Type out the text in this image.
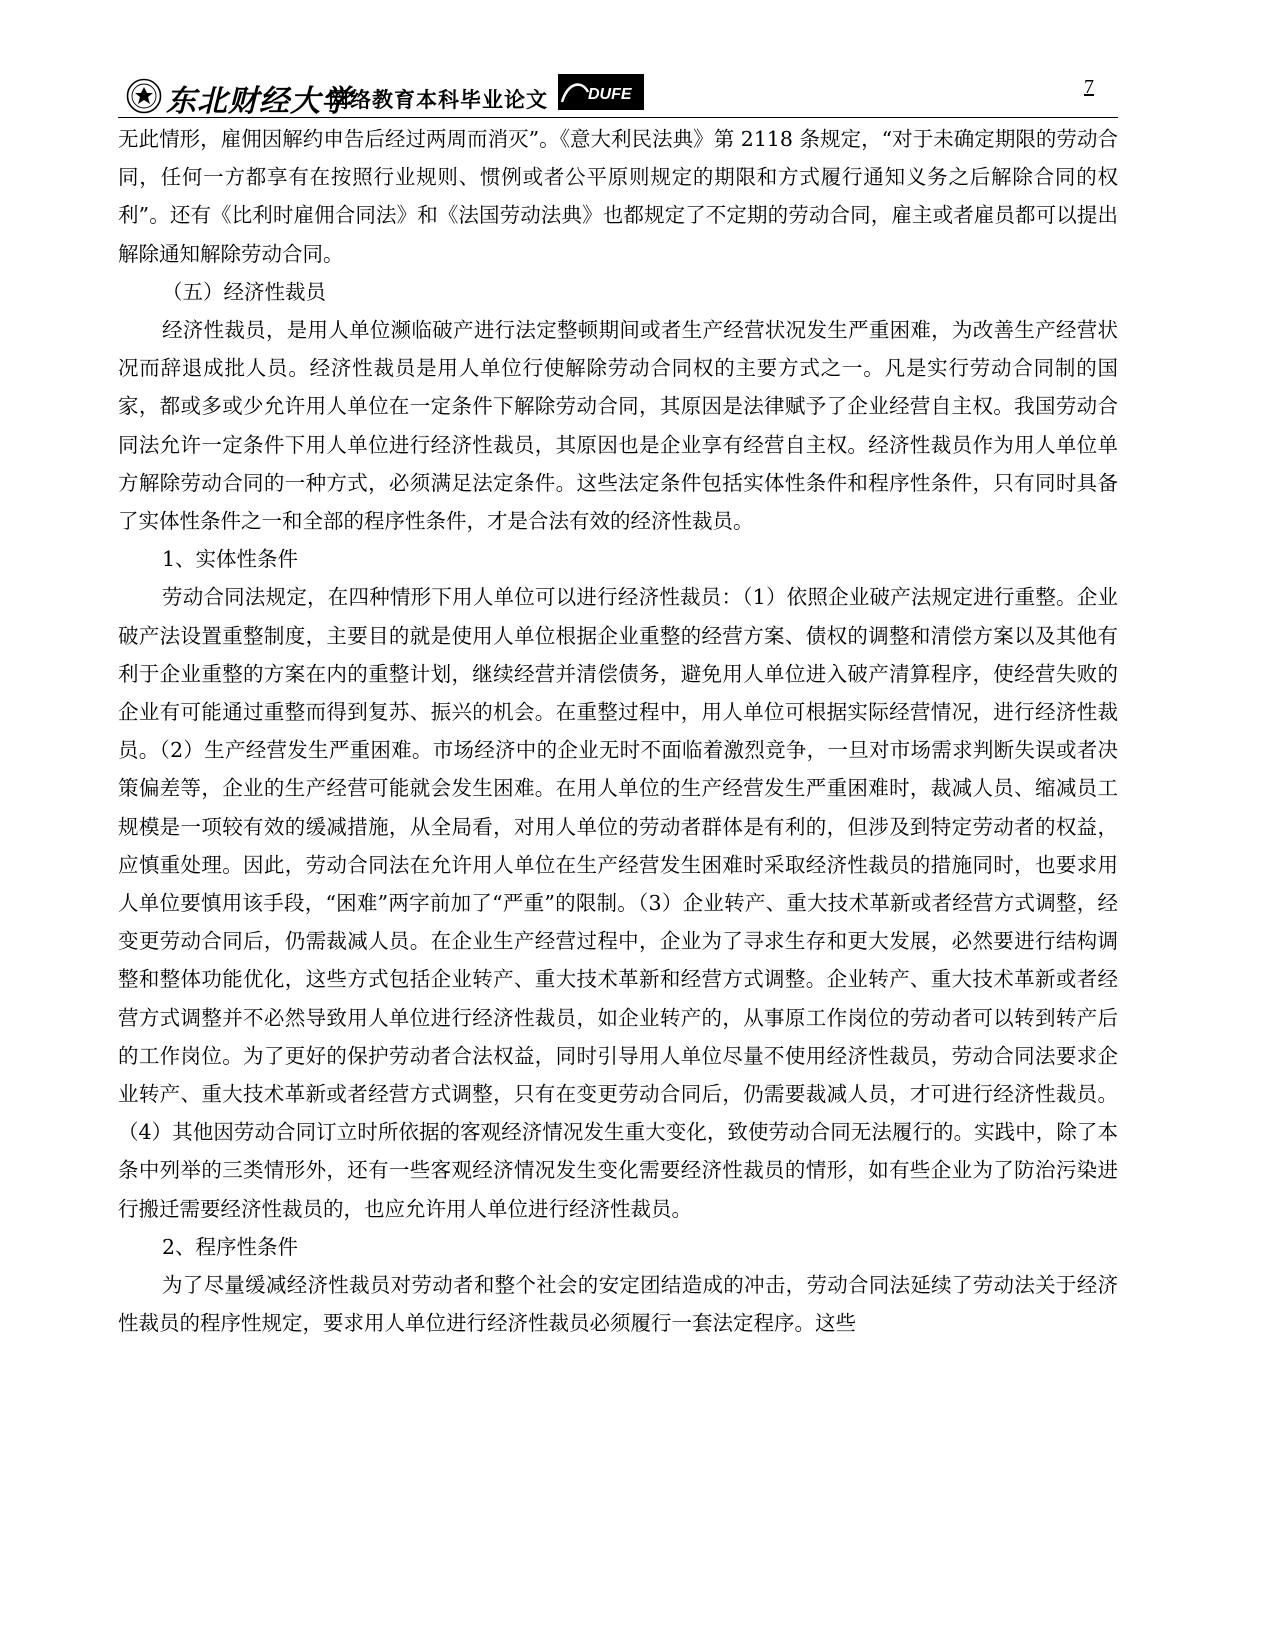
东北财经大学
网络教育本科毕业论文	DUFE	7

无此情形，雇佣因解约申告后经过两周而消灭”。《意大利民法典》第 2118 条规定，“对于未确定期限的劳动合同，任何一方都享有在按照行业规则、惯例或者公平原则规定的期限和方式履行通知义务之后解除合同的权利”。还有《比利时雇佣合同法》和《法国劳动法典》也都规定了不定期的劳动合同，雇主或者雇员都可以提出解除通知解除劳动合同。

（五）经济性裁员

经济性裁员，是用人单位濒临破产进行法定整顿期间或者生产经营状况发生严重困难，为改善生产经营状况而辞退成批人员。经济性裁员是用人单位行使解除劳动合同权的主要方式之一。凡是实行劳动合同制的国家，都或多或少允许用人单位在一定条件下解除劳动合同，其原因是法律赋予了企业经营自主权。我国劳动合同法允许一定条件下用人单位进行经济性裁员，其原因也是企业享有经营自主权。经济性裁员作为用人单位单方解除劳动合同的一种方式，必须满足法定条件。这些法定条件包括实体性条件和程序性条件，只有同时具备了实体性条件之一和全部的程序性条件，才是合法有效的经济性裁员。

1、实体性条件

劳动合同法规定，在四种情形下用人单位可以进行经济性裁员：（1）依照企业破产法规定进行重整。企业破产法设置重整制度，主要目的就是使用人单位根据企业重整的经营方案、债权的调整和清偿方案以及其他有利于企业重整的方案在内的重整计划，继续经营并清偿债务，避免用人单位进入破产清算程序，使经营失败的企业有可能通过重整而得到复苏、振兴的机会。在重整过程中，用人单位可根据实际经营情况，进行经济性裁员。（2）生产经营发生严重困难。市场经济中的企业无时不面临着激烈竞争，一旦对市场需求判断失误或者决策偏差等，企业的生产经营可能就会发生困难。在用人单位的生产经营发生严重困难时，裁减人员、缩减员工规模是一项较有效的缓减措施，从全局看，对用人单位的劳动者群体是有利的，但涉及到特定劳动者的权益，应慎重处理。因此，劳动合同法在允许用人单位在生产经营发生困难时采取经济性裁员的措施同时，也要求用人单位要慎用该手段，“困难”两字前加了“严重”的限制。（3）企业转产、重大技术革新或者经营方式调整，经变更劳动合同后，仍需裁减人员。在企业生产经营过程中，企业为了寻求生存和更大发展，必然要进行结构调整和整体功能优化，这些方式包括企业转产、重大技术革新和经营方式调整。企业转产、重大技术革新或者经营方式调整并不必然导致用人单位进行经济性裁员，如企业转产的，从事原工作岗位的劳动者可以转到转产后的工作岗位。为了更好的保护劳动者合法权益，同时引导用人单位尽量不使用经济性裁员，劳动合同法要求企业转产、重大技术革新或者经营方式调整，只有在变更劳动合同后，仍需要裁减人员，才可进行经济性裁员。（4）其他因劳动合同订立时所依据的客观经济情况发生重大变化，致使劳动合同无法履行的。实践中，除了本条中列举的三类情形外，还有一些客观经济情况发生变化需要经济性裁员的情形，如有些企业为了防治污染进行搬迁需要经济性裁员的，也应允许用人单位进行经济性裁员。

2、程序性条件

为了尽量缓减经济性裁员对劳动者和整个社会的安定团结造成的冲击，劳动合同法延续了劳动法关于经济性裁员的程序性规定，要求用人单位进行经济性裁员必须履行一套法定程序。这些
